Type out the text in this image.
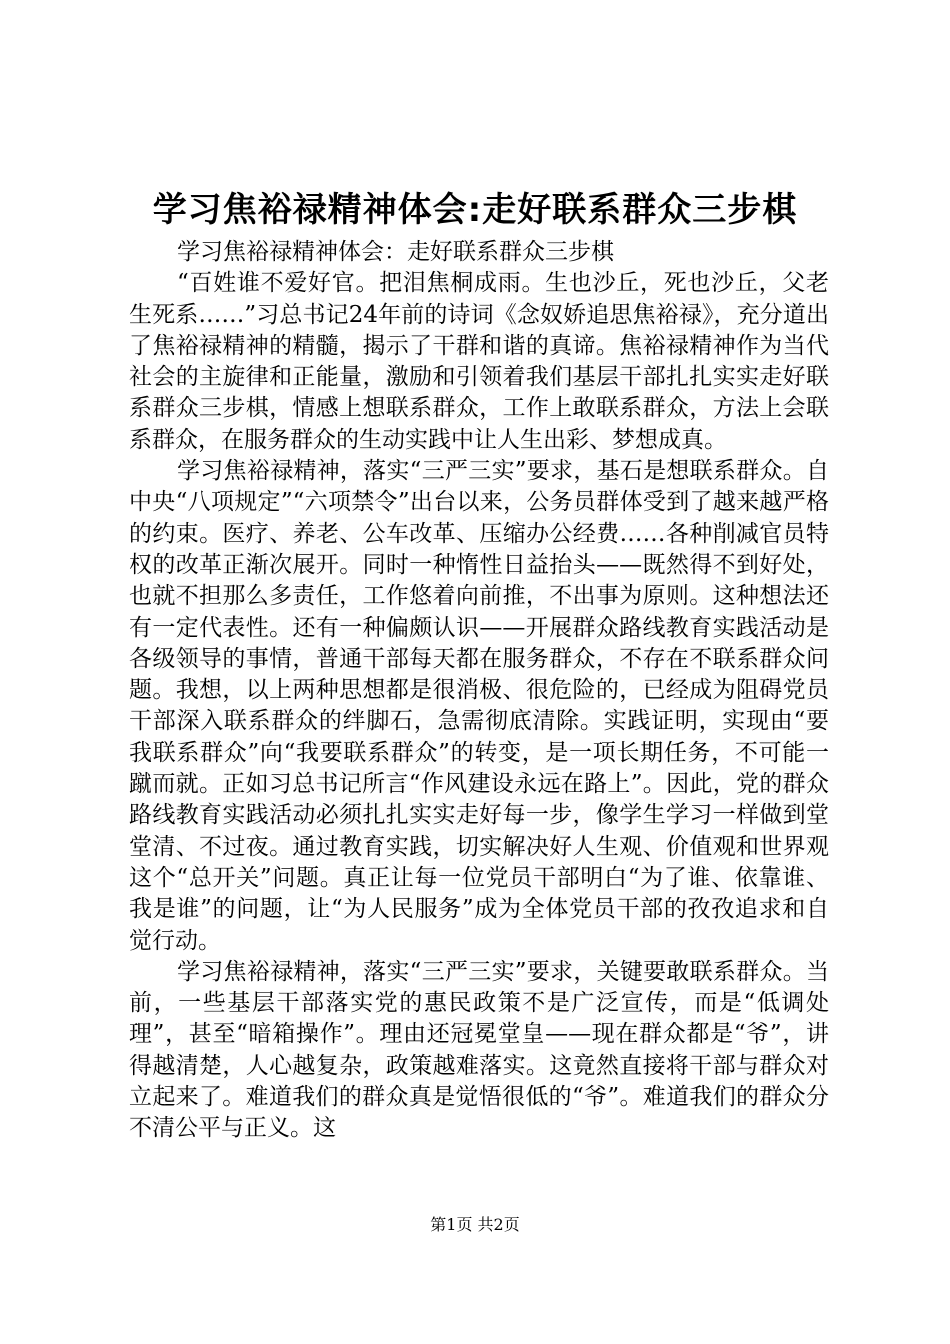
学习焦裕禄精神体会:走好联系群众三步棋

学习焦裕禄精神体会：走好联系群众三步棋

“百姓谁不爱好官。把泪焦桐成雨。生也沙丘，死也沙丘，父老生死系……”习总书记24年前的诗词《念奴娇追思焦裕禄》，充分道出了焦裕禄精神的精髓，揭示了干群和谐的真谛。焦裕禄精神作为当代社会的主旋律和正能量，激励和引领着我们基层干部扎扎实实走好联系群众三步棋，情感上想联系群众，工作上敢联系群众，方法上会联系群众，在服务群众的生动实践中让人生出彩、梦想成真。

学习焦裕禄精神，落实“三严三实”要求，基石是想联系群众。自中央“八项规定”“六项禁令”出台以来，公务员群体受到了越来越严格的约束。医疗、养老、公车改革、压缩办公经费……各种削减官员特权的改革正渐次展开。同时一种惰性日益抬头——既然得不到好处，也就不担那么多责任，工作悠着向前推，不出事为原则。这种想法还有一定代表性。还有一种偏颇认识——开展群众路线教育实践活动是各级领导的事情，普通干部每天都在服务群众，不存在不联系群众问题。我想，以上两种思想都是很消极、很危险的，已经成为阻碍党员干部深入联系群众的绊脚石，急需彻底清除。实践证明，实现由“要我联系群众”向“我要联系群众”的转变，是一项长期任务，不可能一蹴而就。正如习总书记所言“作风建设永远在路上”。因此，党的群众路线教育实践活动必须扎扎实实走好每一步，像学生学习一样做到堂堂清、不过夜。通过教育实践，切实解决好人生观、价值观和世界观这个“总开关”问题。真正让每一位党员干部明白“为了谁、依靠谁、我是谁”的问题，让“为人民服务”成为全体党员干部的孜孜追求和自觉行动。

学习焦裕禄精神，落实“三严三实”要求，关键要敢联系群众。当前，一些基层干部落实党的惠民政策不是广泛宣传，而是“低调处理”，甚至“暗箱操作”。理由还冠冕堂皇——现在群众都是“爷”，讲得越清楚，人心越复杂，政策越难落实。这竟然直接将干部与群众对立起来了。难道我们的群众真是觉悟很低的“爷”。难道我们的群众分不清公平与正义。这

第1页 共2页
